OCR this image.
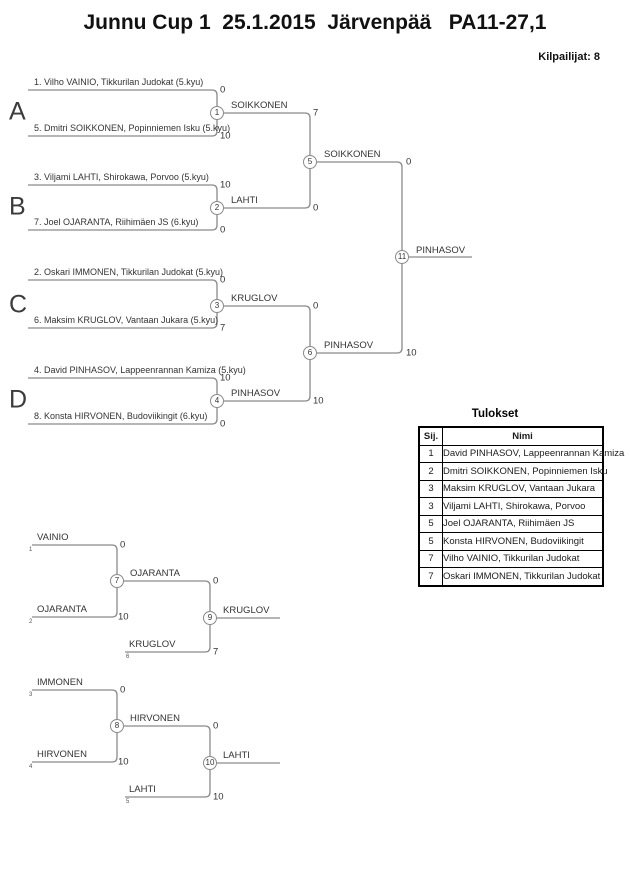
Junnu Cup 1  25.1.2015  Järvenpää   PA11-27,1
Kilpailijat: 8
A
B
C
D
1. Vilho VAINIO, Tikkurilan Judokat (5.kyu)
5. Dmitri SOIKKONEN, Popinniemen Isku (5.kyu)
3. Viljami LAHTI, Shirokawa, Porvoo (5.kyu)
7. Joel OJARANTA, Riihimäen JS (6.kyu)
2. Oskari IMMONEN, Tikkurilan Judokat (5.kyu)
6. Maksim KRUGLOV, Vantaan Jukara (5.kyu)
4. David PINHASOV, Lappeenrannan Kamiza (5.kyu)
8. Konsta HIRVONEN, Budoviikingit (6.kyu)
0
10
10
0
0
7
10
0
1
2
3
4
5
6
11
SOIKKONEN
LAHTI
KRUGLOV
PINHASOV
SOIKKONEN
PINHASOV
PINHASOV
7
0
0
10
0
10
VAINIO
OJARANTA
KRUGLOV
1
2
6
0
10
7
7
9
OJARANTA
0
KRUGLOV
IMMONEN
HIRVONEN
LAHTI
3
4
5
0
10
10
8
10
HIRVONEN
0
LAHTI
Tulokset
Sij.	Nimi
1	David PINHASOV, Lappeenrannan Kamiza
2	Dmitri SOIKKONEN, Popinniemen Isku
3	Maksim KRUGLOV, Vantaan Jukara
3	Viljami LAHTI, Shirokawa, Porvoo
5	Joel OJARANTA, Riihimäen JS
5	Konsta HIRVONEN, Budoviikingit
7	Vilho VAINIO, Tikkurilan Judokat
7	Oskari IMMONEN, Tikkurilan Judokat
